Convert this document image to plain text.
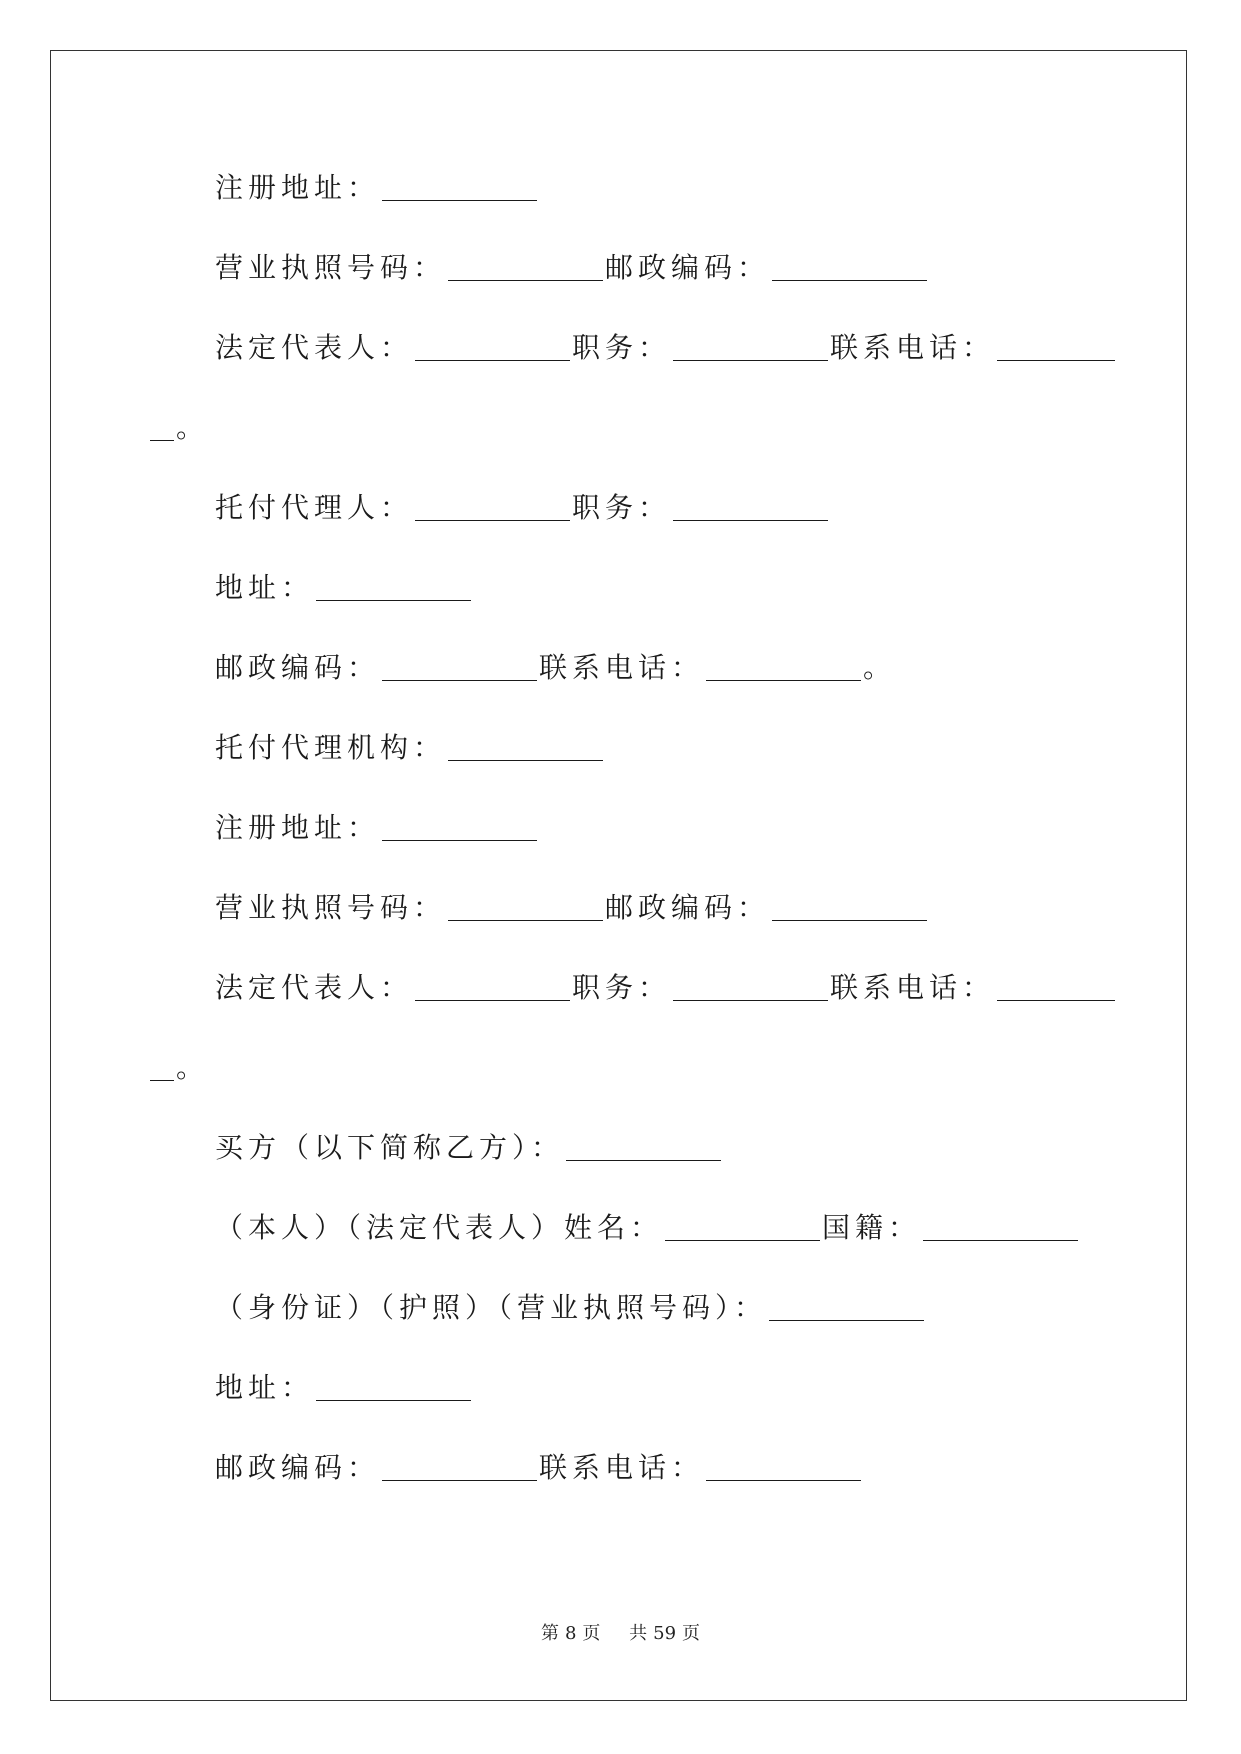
注册地址：
营业执照号码：	邮政编码：
法定代表人：	职务：	联系电话：
。
托付代理人：	职务：
地址：
邮政编码：	联系电话：	。
托付代理机构：
注册地址：
营业执照号码：	邮政编码：
法定代表人：	职务：	联系电话：
。
买方（以下简称乙方）：
（本人）（法定代表人）姓名：	国籍：
（身份证）（护照）（营业执照号码）：
地址：
邮政编码：	联系电话：
第 8 页 共 59 页
